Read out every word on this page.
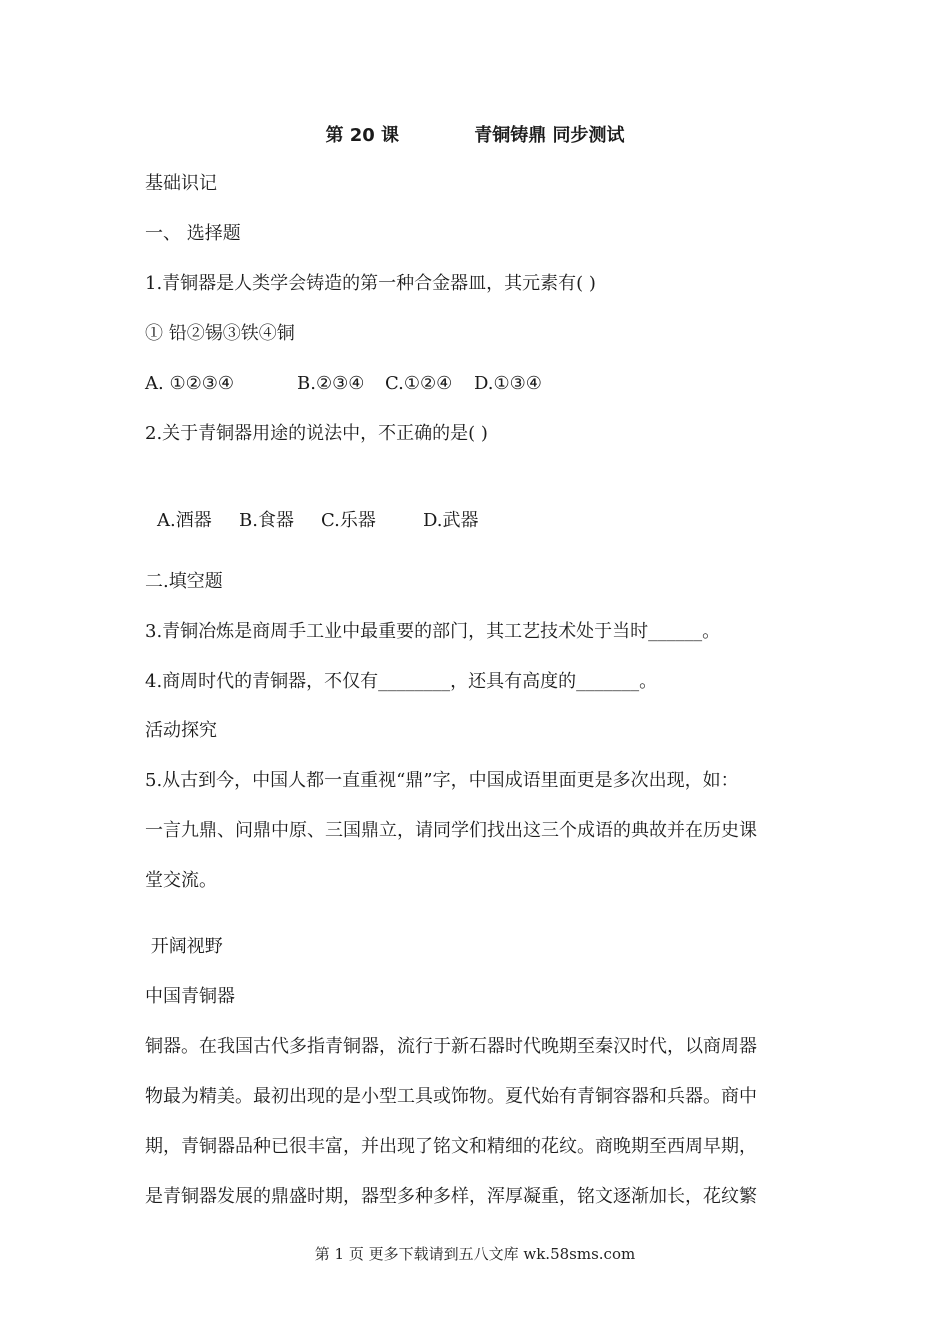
第 20 课            青铜铸鼎 同步测试
基础识记
一、 选择题
1.青铜器是人类学会铸造的第一种合金器皿，其元素有( )
① 铅②锡③铁④铜
A. ①②③④	B.②③④ C.①②④ D.①③④
2.关于青铜器用途的说法中，不正确的是( )
A.酒器 B.食器 C.乐器	D.武器
二.填空题
3.青铜冶炼是商周手工业中最重要的部门，其工艺技术处于当时______。
4.商周时代的青铜器，不仅有________，还具有高度的_______。
活动探究
5.从古到今，中国人都一直重视“鼎”字，中国成语里面更是多次出现，如：
一言九鼎、问鼎中原、三国鼎立，请同学们找出这三个成语的典故并在历史课
堂交流。
开阔视野
中国青铜器
铜器。在我国古代多指青铜器，流行于新石器时代晚期至秦汉时代，以商周器
物最为精美。最初出现的是小型工具或饰物。夏代始有青铜容器和兵器。商中
期，青铜器品种已很丰富，并出现了铭文和精细的花纹。商晚期至西周早期，
是青铜器发展的鼎盛时期，器型多种多样，浑厚凝重，铭文逐渐加长，花纹繁
第 1 页 更多下载请到五八文库 wk.58sms.com
